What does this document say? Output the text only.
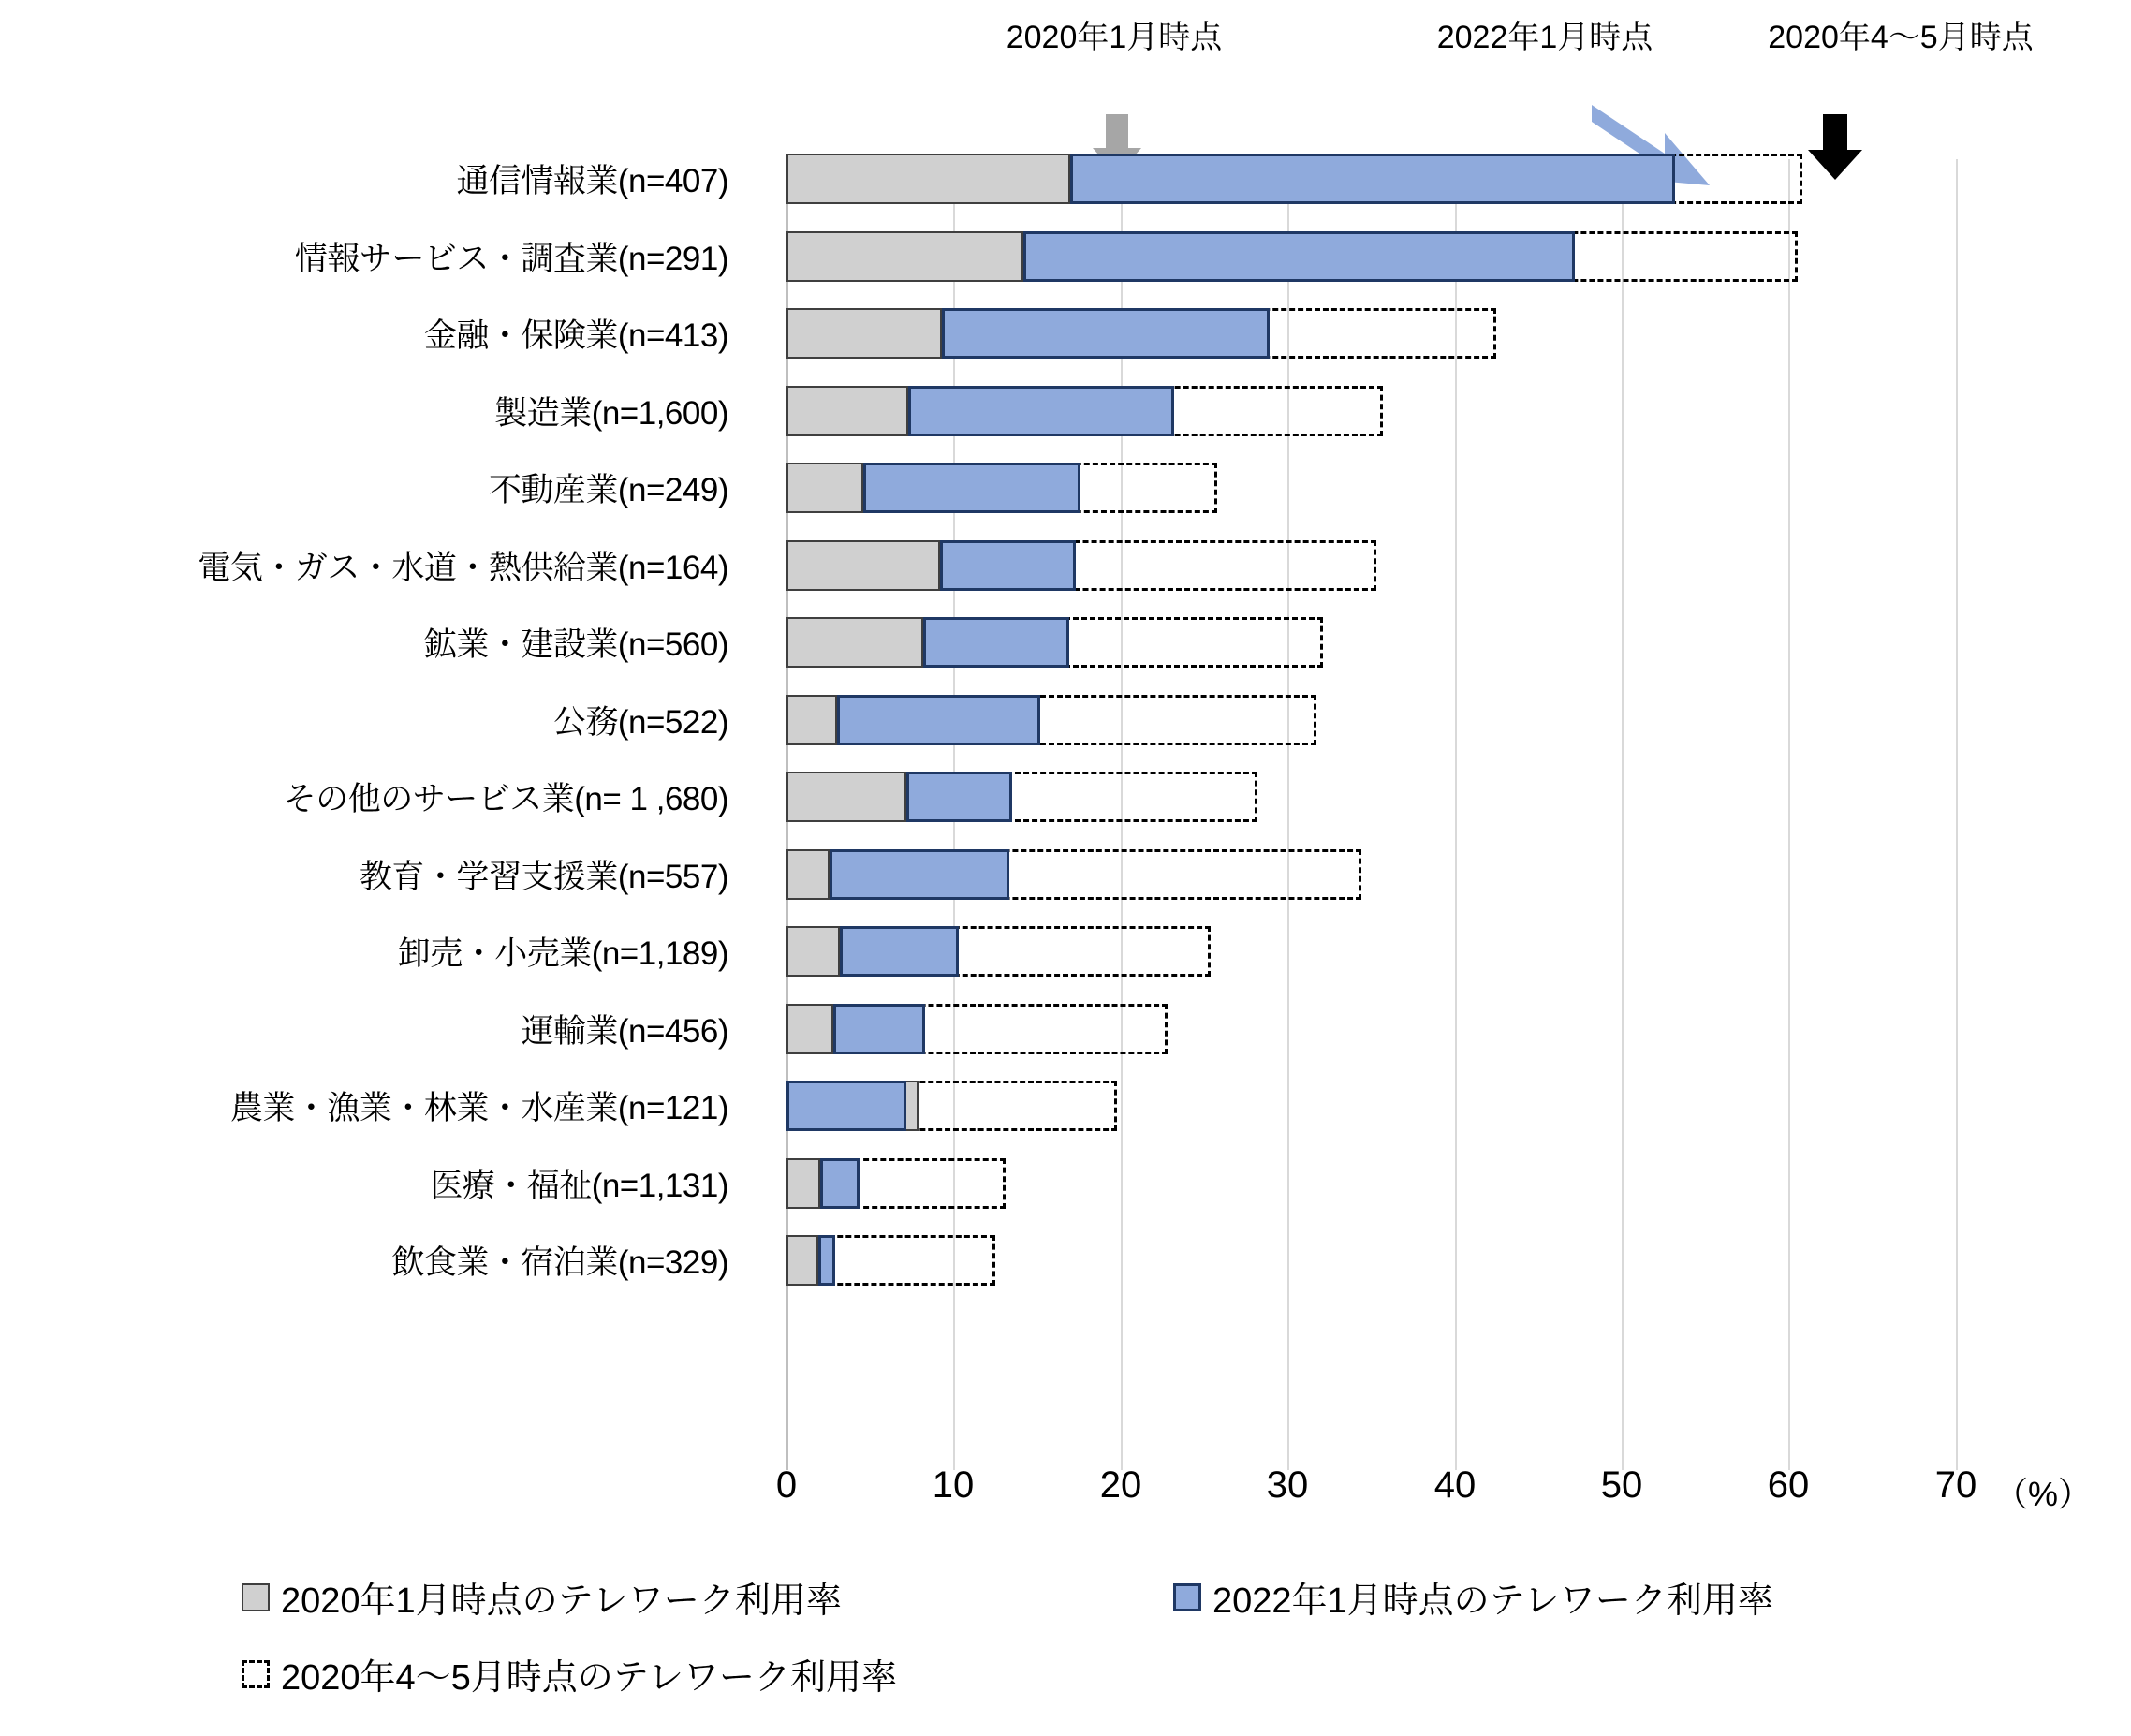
2020年1月時点	2022年1月時点	2020年4〜5月時点
通信情報業(n=407)
情報サービス・調査業(n=291)
金融・保険業(n=413)
製造業(n=1,600)
不動産業(n=249)
電気・ガス・水道・熱供給業(n=164)
鉱業・建設業(n=560)
公務(n=522)
その他のサービス業(n= 1 ,680)
教育・学習支援業(n=557)
卸売・小売業(n=1,189)
運輸業(n=456)
農業・漁業・林業・水産業(n=121)
医療・福祉(n=1,131)
飲食業・宿泊業(n=329)
0	10	20	30	40	50	60	70 （%）
2020年1月時点のテレワーク利用率	2022年1月時点のテレワーク利用率
2020年4〜5月時点のテレワーク利用率
